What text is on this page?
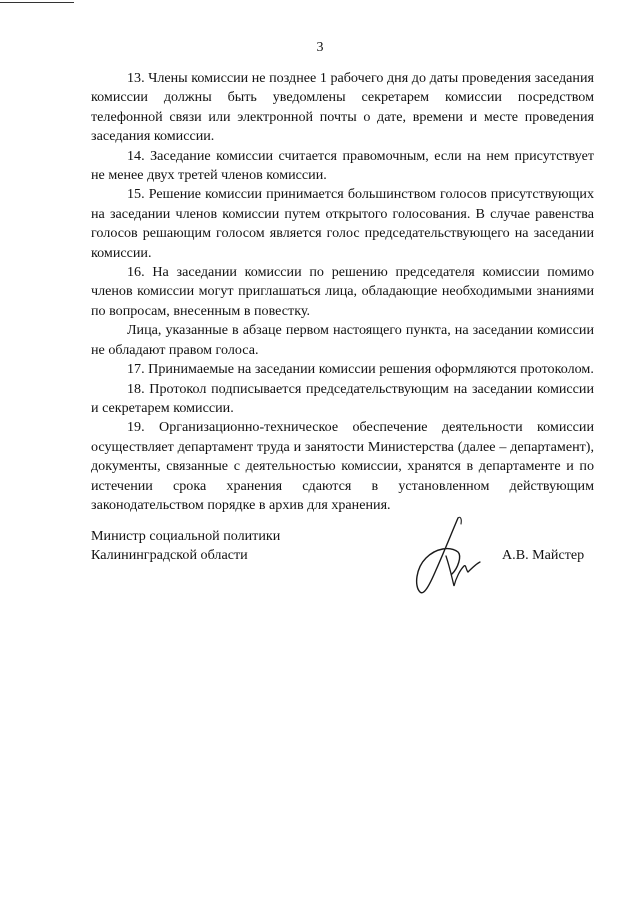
3

13. Члены комиссии не позднее 1 рабочего дня до даты проведения заседания комиссии должны быть уведомлены секретарем комиссии посредством телефонной связи или электронной почты о дате, времени и месте проведения заседания комиссии.

14. Заседание комиссии считается правомочным, если на нем присутствует не менее двух третей членов комиссии.

15. Решение комиссии принимается большинством голосов присутствующих на заседании членов комиссии путем открытого голосования. В случае равенства голосов решающим голосом является голос председательствующего на заседании комиссии.

16. На заседании комиссии по решению председателя комиссии помимо членов комиссии могут приглашаться лица, обладающие необходимыми знаниями по вопросам, внесенным в повестку.

Лица, указанные в абзаце первом настоящего пункта, на заседании комиссии не обладают правом голоса.

17. Принимаемые на заседании комиссии решения оформляются протоколом.

18. Протокол подписывается председательствующим на заседании комиссии и секретарем комиссии.

19. Организационно-техническое обеспечение деятельности комиссии осуществляет департамент труда и занятости Министерства (далее – департамент), документы, связанные с деятельностью комиссии, хранятся в департаменте и по истечении срока хранения сдаются в установленном действующим законодательством порядке в архив для хранения.

Министр социальной политики
Калининградской области	А.В. Майстер
